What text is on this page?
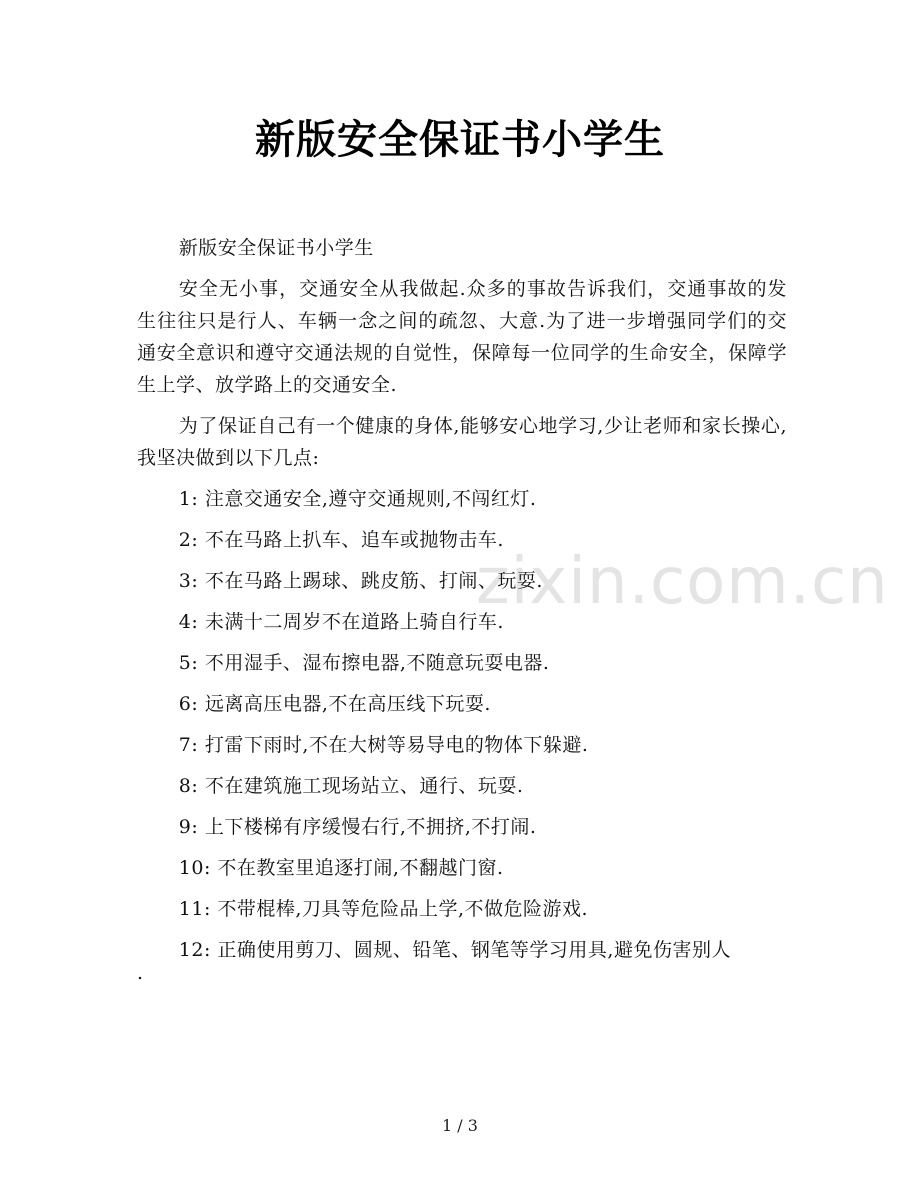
新版安全保证书小学生
zixin.com.cn

新版安全保证书小学生

安全无小事，交通安全从我做起.众多的事故告诉我们，交通事故的发生往往只是行人、车辆一念之间的疏忽、大意.为了进一步增强同学们的交通安全意识和遵守交通法规的自觉性，保障每一位同学的生命安全，保障学生上学、放学路上的交通安全.

为了保证自己有一个健康的身体,能够安心地学习,少让老师和家长操心,我坚决做到以下几点:

1: 注意交通安全,遵守交通规则,不闯红灯.

2: 不在马路上扒车、追车或抛物击车.

3: 不在马路上踢球、跳皮筋、打闹、玩耍.

4: 未满十二周岁不在道路上骑自行车.

5: 不用湿手、湿布擦电器,不随意玩耍电器.

6: 远离高压电器,不在高压线下玩耍.

7: 打雷下雨时,不在大树等易导电的物体下躲避.

8: 不在建筑施工现场站立、通行、玩耍.

9: 上下楼梯有序缓慢右行,不拥挤,不打闹.

10: 不在教室里追逐打闹,不翻越门窗.

11: 不带棍棒,刀具等危险品上学,不做危险游戏.

12: 正确使用剪刀、圆规、铅笔、钢笔等学习用具,避免伤害别人

.

1 / 3
